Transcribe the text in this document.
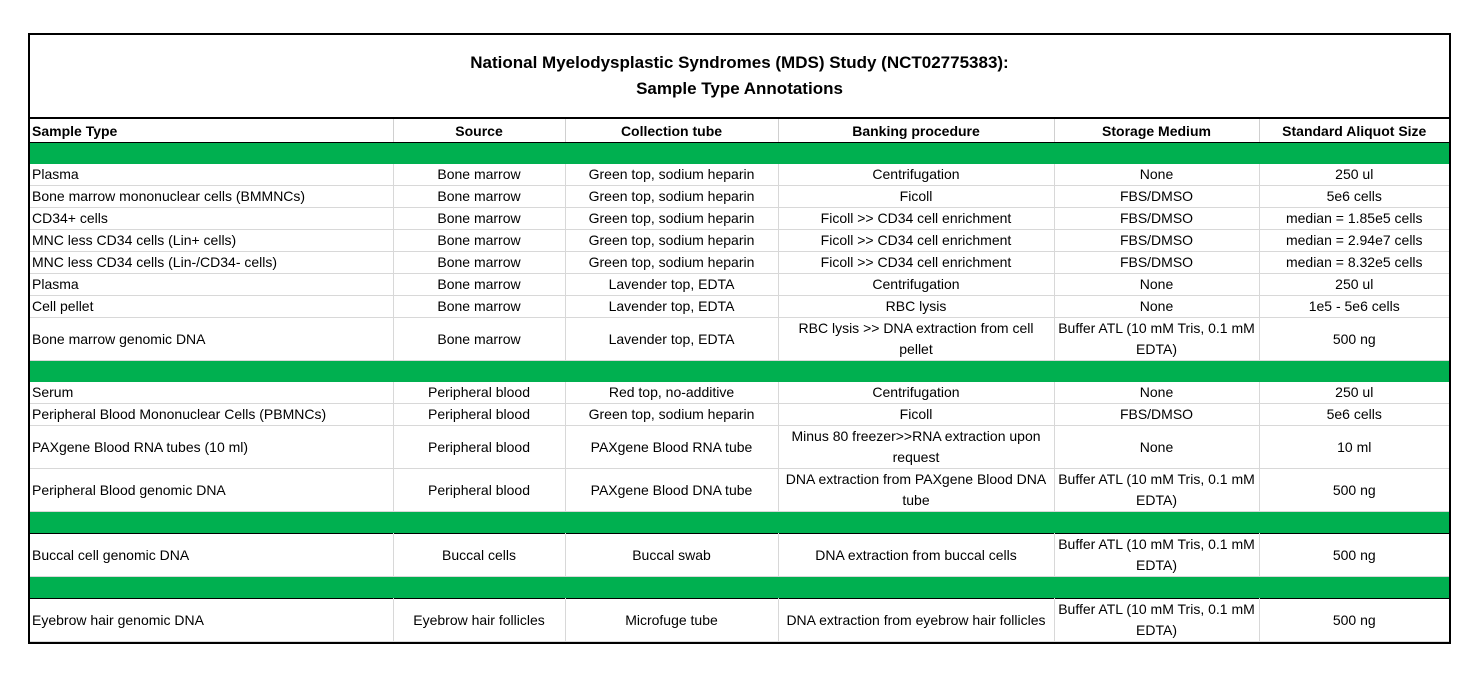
National Myelodysplastic Syndromes (MDS) Study (NCT02775383):
Sample Type Annotations
Sample Type	Source	Collection tube	Banking procedure	Storage Medium	Standard Aliquot Size

Plasma	Bone marrow	Green top, sodium heparin	Centrifugation	None	250 ul
Bone marrow mononuclear cells (BMMNCs)	Bone marrow	Green top, sodium heparin	Ficoll	FBS/DMSO	5e6 cells
CD34+ cells	Bone marrow	Green top, sodium heparin	Ficoll >> CD34 cell enrichment	FBS/DMSO	median = 1.85e5 cells
MNC less CD34 cells (Lin+ cells)	Bone marrow	Green top, sodium heparin	Ficoll >> CD34 cell enrichment	FBS/DMSO	median = 2.94e7 cells
MNC less CD34 cells (Lin-/CD34- cells)	Bone marrow	Green top, sodium heparin	Ficoll >> CD34 cell enrichment	FBS/DMSO	median = 8.32e5 cells
Plasma	Bone marrow	Lavender top, EDTA	Centrifugation	None	250 ul
Cell pellet	Bone marrow	Lavender top, EDTA	RBC lysis	None	1e5 - 5e6 cells
Bone marrow genomic DNA	Bone marrow	Lavender top, EDTA	RBC lysis >> DNA extraction from cell pellet	Buffer ATL (10 mM Tris, 0.1 mM EDTA)	500 ng

Serum	Peripheral blood	Red top, no-additive	Centrifugation	None	250 ul
Peripheral Blood Mononuclear Cells (PBMNCs)	Peripheral blood	Green top, sodium heparin	Ficoll	FBS/DMSO	5e6 cells
PAXgene Blood RNA tubes (10 ml)	Peripheral blood	PAXgene Blood RNA tube	Minus 80 freezer>>RNA extraction upon request	None	10 ml
Peripheral Blood genomic DNA	Peripheral blood	PAXgene Blood DNA tube	DNA extraction from PAXgene Blood DNA tube	Buffer ATL (10 mM Tris, 0.1 mM EDTA)	500 ng

Buccal cell genomic DNA	Buccal cells	Buccal swab	DNA extraction from buccal cells	Buffer ATL (10 mM Tris, 0.1 mM EDTA)	500 ng

Eyebrow hair genomic DNA	Eyebrow hair follicles	Microfuge tube	DNA extraction from eyebrow hair follicles	Buffer ATL (10 mM Tris, 0.1 mM EDTA)	500 ng
